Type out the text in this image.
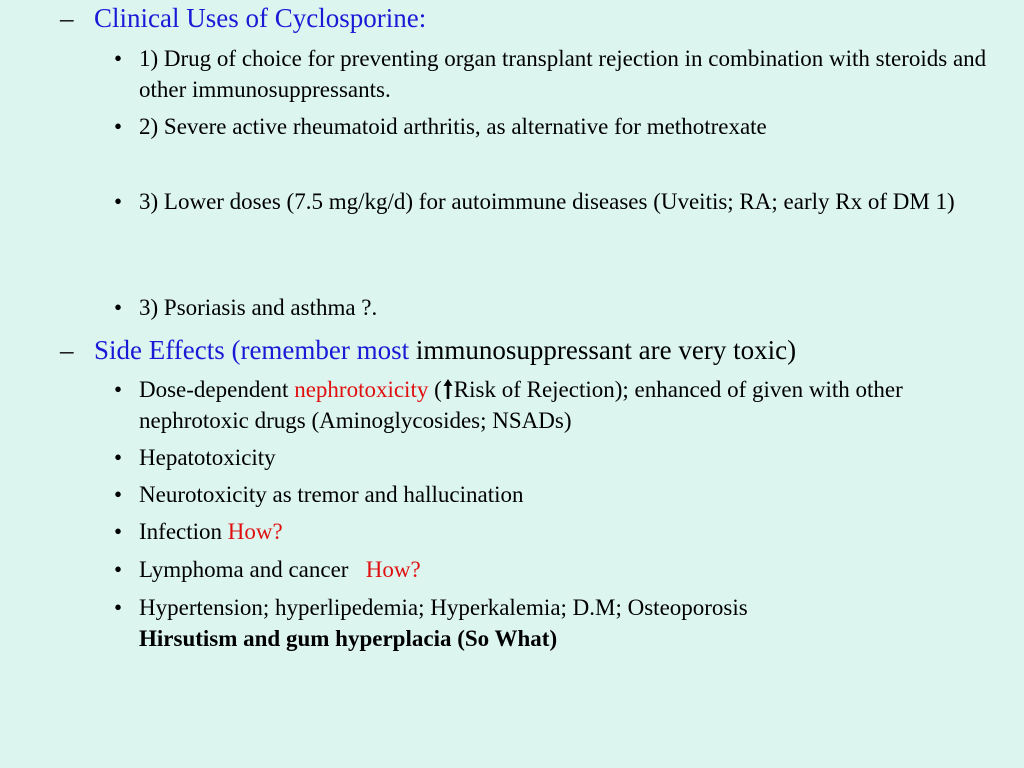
– Clinical Uses of Cyclosporine:
• 1) Drug of choice for preventing organ transplant rejection in combination with steroids and other immunosuppressants.
• 2) Severe active rheumatoid arthritis, as alternative for methotrexate
• 3) Lower doses (7.5 mg/kg/d) for autoimmune diseases (Uveitis; RA; early Rx of DM 1)
• 3) Psoriasis and asthma ?.
– Side Effects (remember most immunosuppressant are very toxic)
• Dose-dependent nephrotoxicity ( Risk of Rejection); enhanced of given with other nephrotoxic drugs (Aminoglycosides; NSADs)
• Hepatotoxicity
• Neurotoxicity as tremor and hallucination
• Infection How?
• Lymphoma and cancer   How?
• Hypertension; hyperlipedemia; Hyperkalemia; D.M; Osteoporosis
Hirsutism and gum hyperplacia (So What)
